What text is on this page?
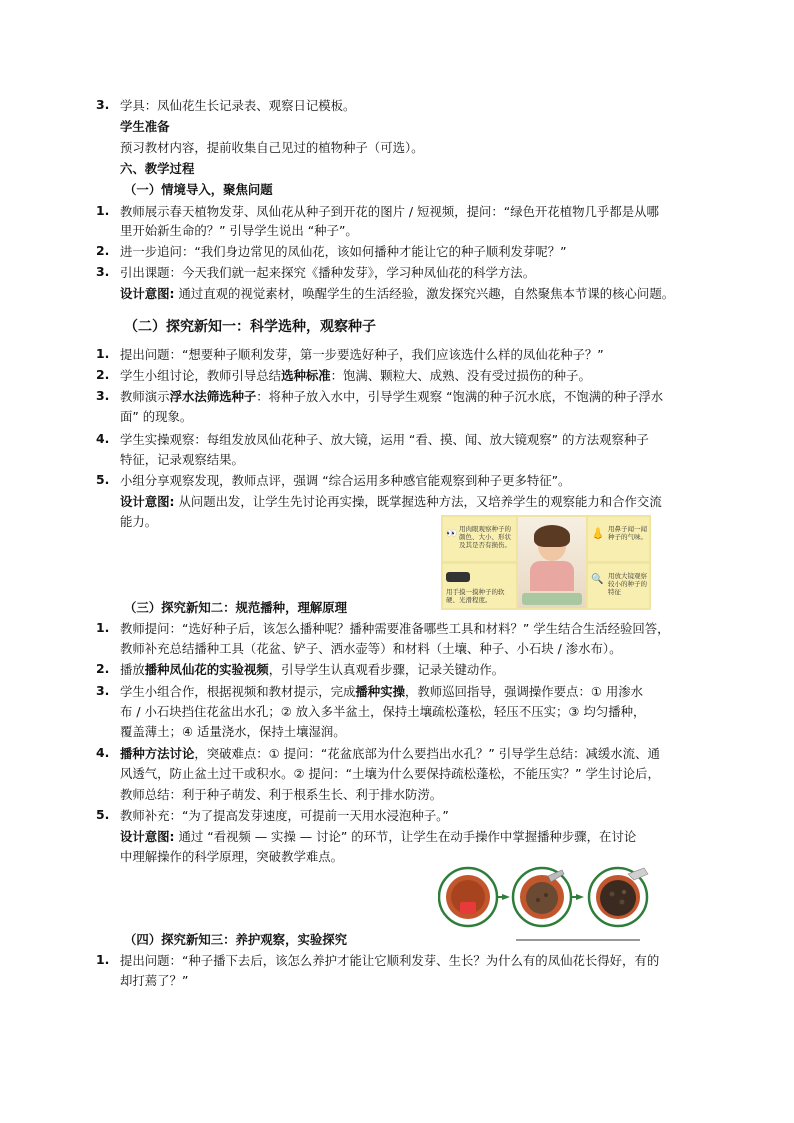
3. 学具：凤仙花生长记录表、观察日记模板。
学生准备
预习教材内容，提前收集自己见过的植物种子（可选）。
六、教学过程
（一）情境导入，聚焦问题
1. 教师展示春天植物发芽、凤仙花从种子到开花的图片 / 短视频，提问：“绿色开花植物几乎都是从哪
里开始新生命的？” 引导学生说出 “种子”。
2. 进一步追问：“我们身边常见的凤仙花，该如何播种才能让它的种子顺利发芽呢？”
3. 引出课题：今天我们就一起来探究《播种发芽》，学习种凤仙花的科学方法。
设计意图: 通过直观的视觉素材，唤醒学生的生活经验，激发探究兴趣，自然聚焦本节课的核心问题。
（二）探究新知一：科学选种，观察种子
1. 提出问题：“想要种子顺利发芽，第一步要选好种子，我们应该选什么样的凤仙花种子？”
2. 学生小组讨论，教师引导总结选种标准：饱满、颗粒大、成熟、没有受过损伤的种子。
3. 教师演示浮水法筛选种子：将种子放入水中，引导学生观察 “饱满的种子沉水底，不饱满的种子浮水
面” 的现象。
4. 学生实操观察：每组发放凤仙花种子、放大镜，运用 “看、摸、闻、放大镜观察” 的方法观察种子
特征，记录观察结果。
5. 小组分享观察发现，教师点评，强调 “综合运用多种感官能观察到种子更多特征”。
设计意图: 从问题出发，让学生先讨论再实操，既掌握选种方法，又培养学生的观察能力和合作交流
能力。
👀 用肉眼观察种子的颜色、大小、形状及其是否有损伤。
用手摸一摸种子的软硬、光滑程度。
👃 用鼻子闻一闻
种子的气味。
🔍 用放大镜观察较小的种子的特征
（三）探究新知二：规范播种，理解原理
1. 教师提问：“选好种子后，该怎么播种呢？播种需要准备哪些工具和材料？” 学生结合生活经验回答，
教师补充总结播种工具（花盆、铲子、洒水壶等）和材料（土壤、种子、小石块 / 渗水布）。
2. 播放播种凤仙花的实验视频，引导学生认真观看步骤，记录关键动作。
3. 学生小组合作，根据视频和教材提示，完成播种实操，教师巡回指导，强调操作要点：① 用渗水
布 / 小石块挡住花盆出水孔；② 放入多半盆土，保持土壤疏松蓬松，轻压不压实；③ 均匀播种，
覆盖薄土；④ 适量浇水，保持土壤湿润。
4. 播种方法讨论，突破难点：① 提问：“花盆底部为什么要挡出水孔？” 引导学生总结：减缓水流、通
风透气，防止盆土过干或积水。② 提问：“土壤为什么要保持疏松蓬松，不能压实？” 学生讨论后，
教师总结：利于种子萌发、利于根系生长、利于排水防涝。
5. 教师补充：“为了提高发芽速度，可提前一天用水浸泡种子。”
设计意图: 通过 “看视频 — 实操 — 讨论” 的环节，让学生在动手操作中掌握播种步骤，在讨论
中理解操作的科学原理，突破教学难点。
（四）探究新知三：养护观察，实验探究
1. 提出问题：“种子播下去后，该怎么养护才能让它顺利发芽、生长？为什么有的凤仙花长得好，有的
却打蔫了？”
